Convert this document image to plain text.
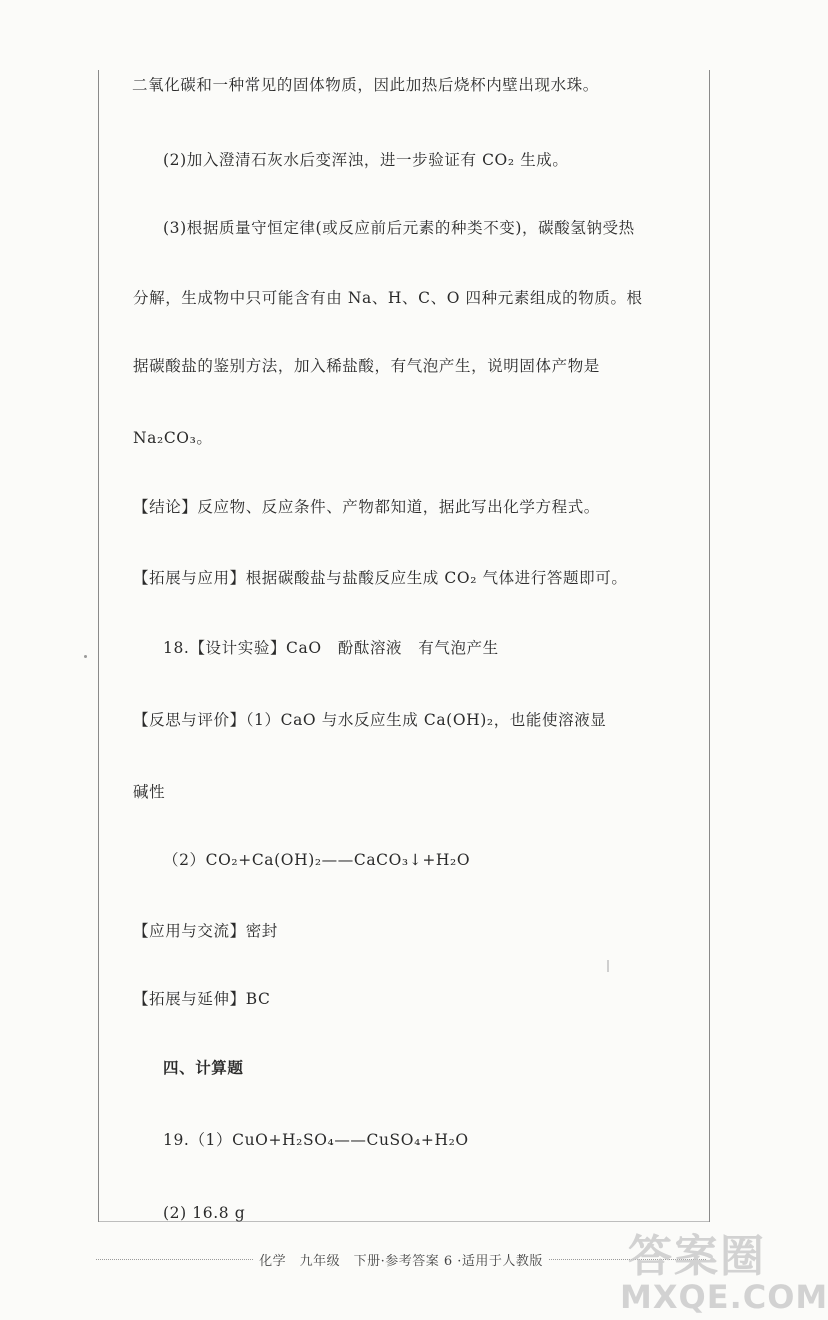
二氧化碳和一种常见的固体物质，因此加热后烧杯内壁出现水珠。
(2)加入澄清石灰水后变浑浊，进一步验证有 CO₂ 生成。
(3)根据质量守恒定律(或反应前后元素的种类不变)，碳酸氢钠受热
分解，生成物中只可能含有由 Na、H、C、O 四种元素组成的物质。根
据碳酸盐的鉴别方法，加入稀盐酸，有气泡产生，说明固体产物是
Na₂CO₃。
【结论】反应物、反应条件、产物都知道，据此写出化学方程式。
【拓展与应用】根据碳酸盐与盐酸反应生成 CO₂ 气体进行答题即可。
18.【设计实验】CaO　酚酞溶液　有气泡产生
【反思与评价】（1）CaO 与水反应生成 Ca(OH)₂，也能使溶液显
碱性
（2）CO₂+Ca(OH)₂——CaCO₃↓+H₂O
【应用与交流】密封
【拓展与延伸】BC
四、计算题
19.（1）CuO+H₂SO₄——CuSO₄+H₂O
(2) 16.8 g
化学　九年级　下册·参考答案 6 ·适用于人教版 答案圈
MXQE.COM
